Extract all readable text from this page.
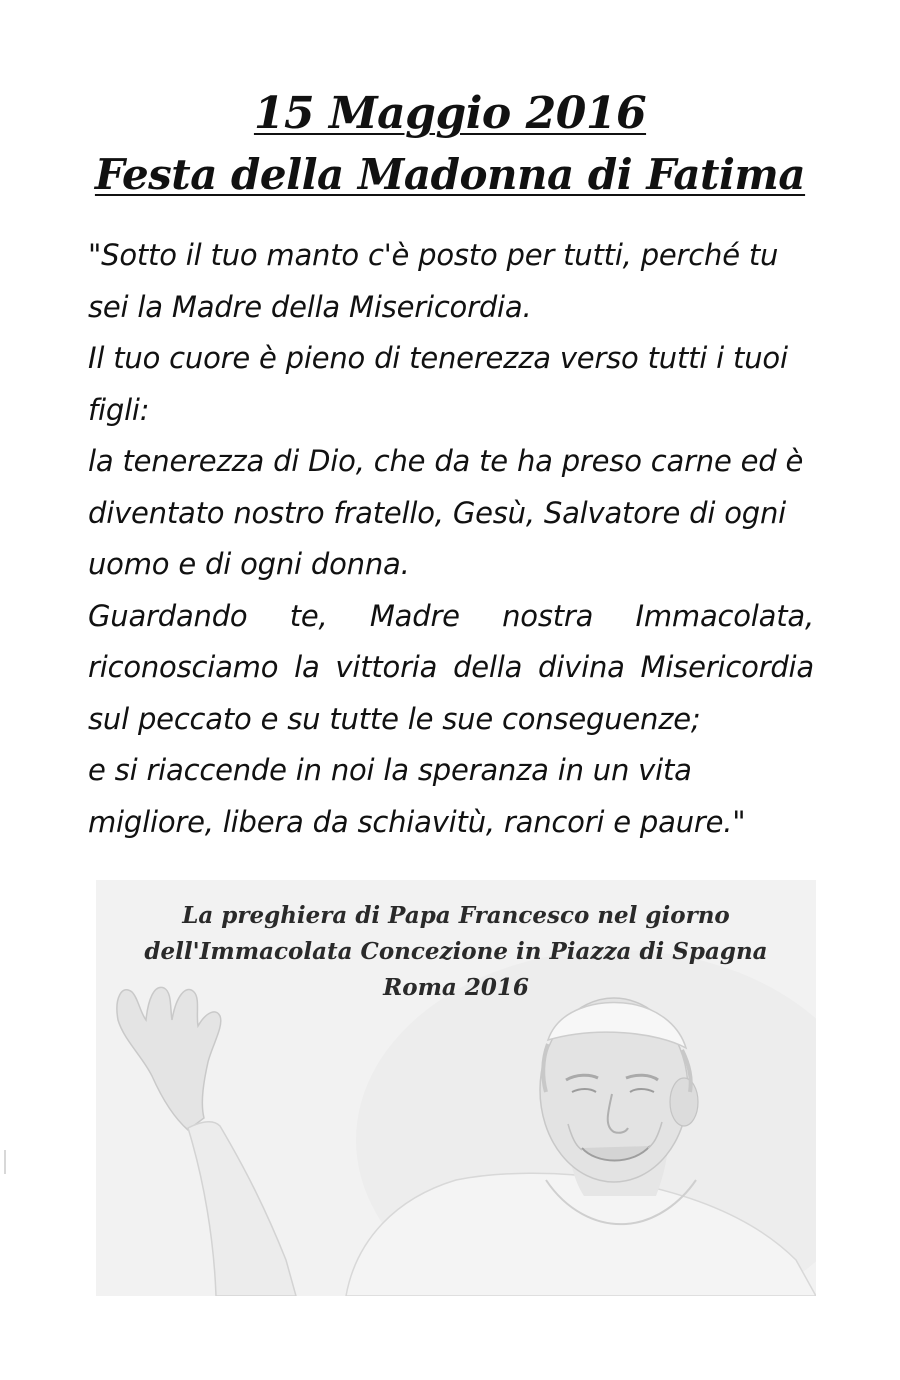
15 Maggio 2016
Festa della Madonna di Fatima

"Sotto il tuo manto c'è posto per tutti, perché tu sei la Madre della Misericordia.

Il tuo cuore è pieno di tenerezza verso tutti i tuoi figli:

la tenerezza di Dio, che da te ha preso carne ed è diventato nostro fratello, Gesù, Salvatore di ogni uomo e di ogni donna.

Guardando te, Madre nostra Immacolata, riconosciamo la vittoria della divina Misericordia sul peccato e su tutte le sue conseguenze;

e si riaccende in noi la speranza in un vita migliore, libera da schiavitù, rancori e paure."

La preghiera di Papa Francesco nel giorno
dell'Immacolata Concezione in Piazza di Spagna
Roma 2016
